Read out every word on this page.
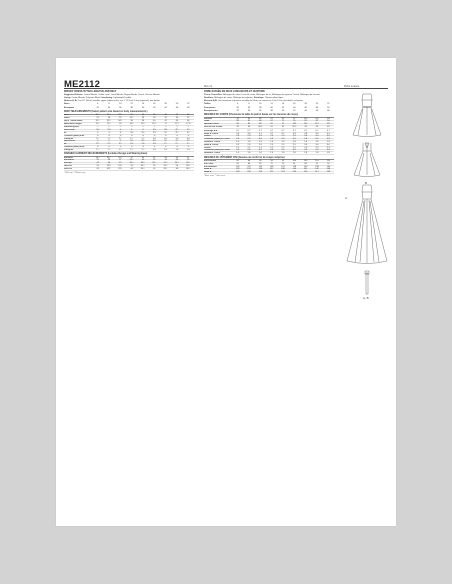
ME2112	Mimi G	Robe évasée
MISSES' DRESS IN TWO LENGTHS AND BELT
Suggested Fabrics: Cotton Blends, Cotton Lawn, Linen Blends, Rayon Blends, Tencel, Viscose Blends.
Lining: Cotton Blends, Polyester Blend. Interfacing: Lightweight Fusible.
Notions A, B: One 22" (56cm) invisible zipper (adjust to fit), one 1" (2.5cm) D-ring (optional), one button.
Sizes	6	8	10	12	14	16	18	20	22
European	32	34	36	38	40	42	44	46	48
BODY MEASUREMENTS (Select pattern size based on body measurements.)
Bust	30½	31½	32½	34	36	38	40	42	44
Waist	23	24	25	26½	28	30	32	34	37
Hip 9" below waist	32½	33½	34½	36	38	40	42	44	46
Back waist length	15½	15¾	16	16¼	16½	16¾	17	17¼	17⅜
Interfacing A,B	¾	¾	¾	¾	¾	¾	¾	¾	¾
Dress A 45"	3⅞	3⅞	4	4	4	4⅛	4⅛	4¼	4¼
60"	3	3	3	3⅛	3⅛	3⅛	3¼	3¼	3¼
Contrast (Sash) A 45"	⅝	⅝	⅝	⅝	⅝	⅝	⅝	⅝	⅝
Lining 45"	1¾	1¾	1¾	1¾	1¾	1⅞	1⅞	1⅞	1⅞
Dress B 45"	3	3	3	3⅛	3⅛	3⅛	3¼	3¼	3¼
60"	2¼	2¼	2¼	2⅜	2⅜	2⅜	2½	2½	2½
Contrast (Sash) B 45"	⅝	⅝	⅝	⅝	⅝	⅝	⅝	⅝	⅝
Lining 45"	1¾	1¾	1¾	1¾	1¾	1⅞	1⅞	1⅞	1⅞
FINISHED GARMENT MEASUREMENTS (Includes Design and Wearing Ease)
A,B Bust	33½	34½	35½	37	39	41	43	45	47
A,B Waist	25	26	27	28½	30	32	34	36	39
A,B Hip	43	44	45	46½	48½	50½	52½	54½	56½
Dress A	53	53¼	53½	54	54½	55	55½	56	56½
Dress B	43	43¼	43½	44	44½	45	45½	46	46½
* With nap ** Without nap
ROBE ÉVASÉE EN DEUX LONGUEURS ET CEINTURE
Tissus Conseillés: Mélanges de coton, Linon de coton, Mélanges de lin, Mélanges de rayonne, Tencel, Mélanges de viscose.
Doublure: Mélanges de coton, Mélange de polyester. Entoilage: Thermocollant léger.
Mercerie A,B: Une fermeture à glissière invisible de 56cm, un anneau en D de 2.5cm (facultatif), un bouton.
Tailles	6	8	10	12	14	16	18	20	22
Françaises	34	36	38	40	42	44	46	48	50
Européennes	32	34	36	38	40	42	44	46	48
MESURES DU CORPS (Choisissez la taille du patron basée sur les mesures du corps.)
Poitrine	78	80	83	87	92	97	102	107	112
Taille	58	61	64	67	71	76	81	87	94
Hanches 23cm	83	85	88	92	97	102	107	112	117
Dos de cou à taille	39	40	40.5	41	42	42.5	43	44	44
Entoilage A,B	0.7	0.7	0.7	0.7	0.7	0.7	0.7	0.7	0.7
Robe A 115cm	3.6	3.6	3.7	3.7	3.7	3.8	3.8	3.9	3.9
150cm	2.8	2.8	2.8	2.9	2.9	2.9	3.0	3.0	3.0
Contraste (Sash) A 115cm	0.6	0.6	0.6	0.6	0.6	0.6	0.6	0.6	0.6
Doublure 115cm	1.6	1.6	1.6	1.6	1.6	1.8	1.8	1.8	1.8
Robe B 115cm	2.8	2.8	2.8	2.9	2.9	2.9	3.0	3.0	3.0
150cm	2.1	2.1	2.1	2.2	2.2	2.2	2.3	2.3	2.3
Contraste (Sash) B 115cm	0.6	0.6	0.6	0.6	0.6	0.6	0.6	0.6	0.6
Doublure 115cm	1.6	1.6	1.6	1.6	1.6	1.8	1.8	1.8	1.8
MESURES DU VÊTEMENT FINI (Aisance de confort et de coupe comprise)
A,B Poitrine	85	88	90	94	99	104	109	114	119
A,B Taille	64	66	69	72	76	81	86	91	99
A,B Hanches	109	112	114	118	123	128	133	138	144
Robe A	135	135	136	137	138	140	141	142	144
Robe B	109	110	110	112	113	114	116	117	118
* Avec sens ** Sans sens
A
B
A, B
